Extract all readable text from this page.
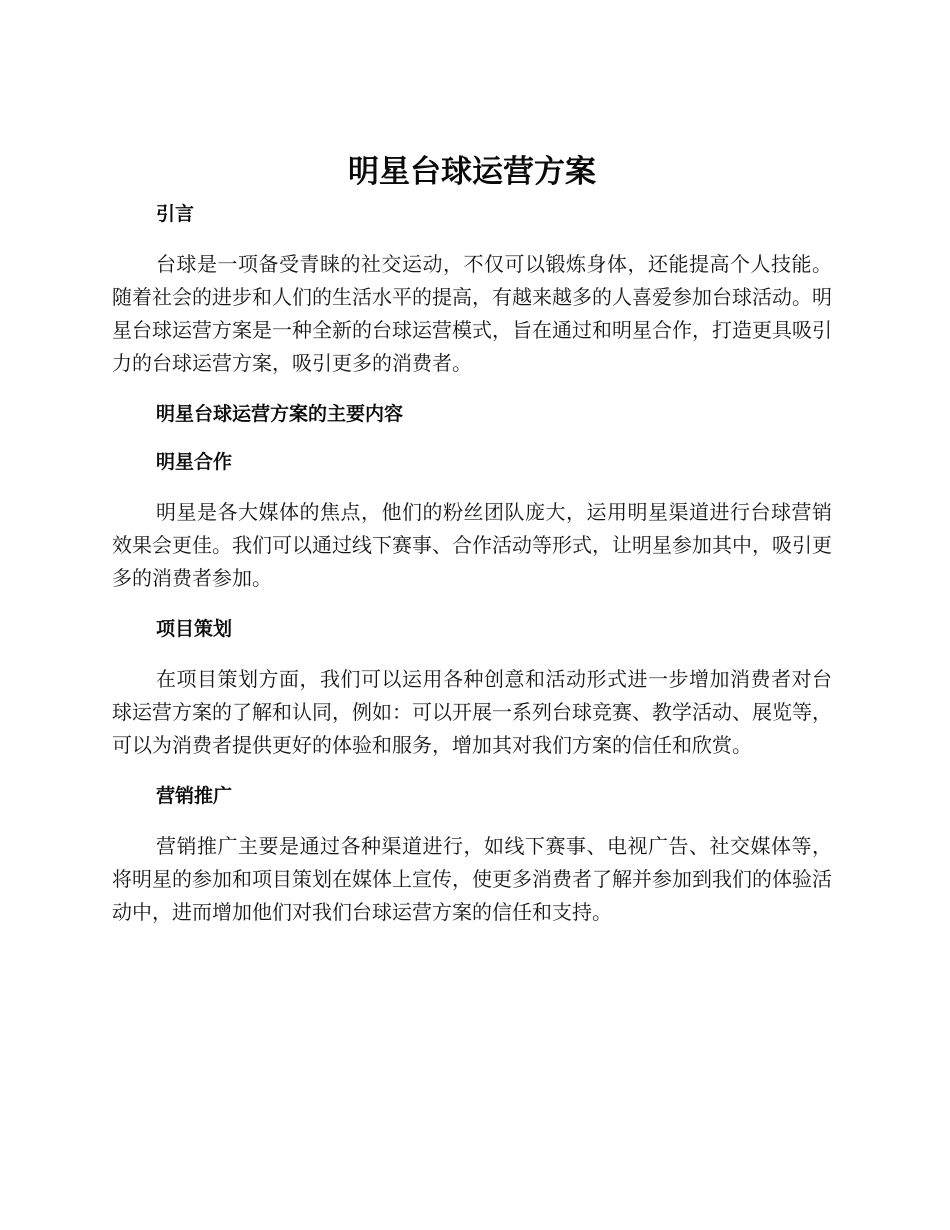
明星台球运营方案
引言

台球是一项备受青睐的社交运动，不仅可以锻炼身体，还能提高个人技能。随着社会的进步和人们的生活水平的提高，有越来越多的人喜爱参加台球活动。明星台球运营方案是一种全新的台球运营模式，旨在通过和明星合作，打造更具吸引力的台球运营方案，吸引更多的消费者。

明星台球运营方案的主要内容
明星合作

明星是各大媒体的焦点，他们的粉丝团队庞大，运用明星渠道进行台球营销效果会更佳。我们可以通过线下赛事、合作活动等形式，让明星参加其中，吸引更多的消费者参加。

项目策划

在项目策划方面，我们可以运用各种创意和活动形式进一步增加消费者对台球运营方案的了解和认同，例如：可以开展一系列台球竞赛、教学活动、展览等，可以为消费者提供更好的体验和服务，增加其对我们方案的信任和欣赏。

营销推广

营销推广主要是通过各种渠道进行，如线下赛事、电视广告、社交媒体等，将明星的参加和项目策划在媒体上宣传，使更多消费者了解并参加到我们的体验活动中，进而增加他们对我们台球运营方案的信任和支持。
